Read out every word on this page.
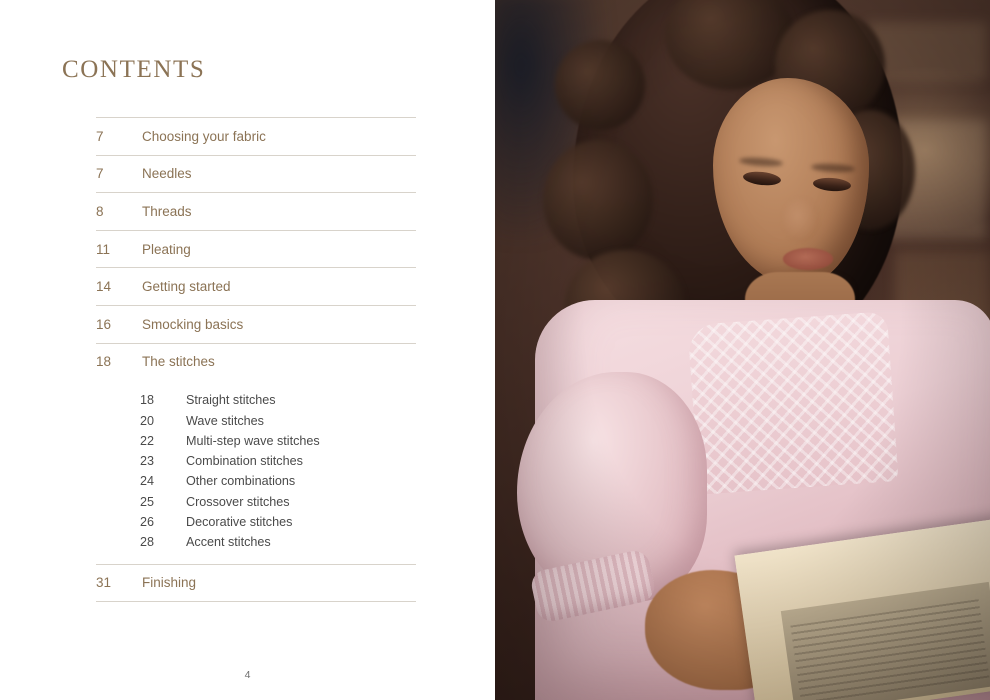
CONTENTS
7	Choosing your fabric
7	Needles
8	Threads
11	Pleating
14	Getting started
16	Smocking basics
18	The stitches
18	Straight stitches
20	Wave stitches
22	Multi-step wave stitches
23	Combination stitches
24	Other combinations
25	Crossover stitches
26	Decorative stitches
28	Accent stitches
31	Finishing
4
